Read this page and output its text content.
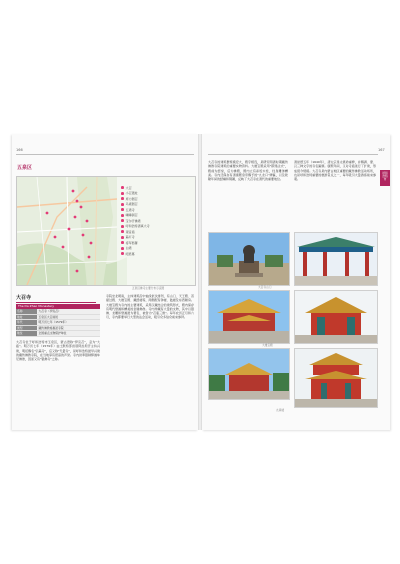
166
五泉区
大召
小召遗址
席力图召
乌素图召
五塔寺
喇嘛洞召
宝尔汗佛塔
呼和浩特清真大寺
观音庙
慈灯寺
将军衙署
白塔
昭君墓
五泉区佛寺主要分布示意图
大召寺
The Da Zhao Monastery
名称	大召寺（伊克召）
地址	玉泉区大召前街
年代	明万历七年（1579年）
类型	藏传佛教格鲁派寺院
地位	全国重点文物保护单位
大召寺位于呼和浩特市玉泉区，蒙古语称"伊克召"，意为"大庙"。明万历七年（1579年）由土默特部首领阿拉坦汗主持兴建，明廷赐名"弘慈寺"，后又称"无量寺"，是呼和浩特最早兴建的藏传佛教寺院，在当地享有很高的声誉。寺内供奉银制释迦牟尼佛像，因而又有"银佛寺"之称。
寺院坐北朝南，主体建筑沿中轴线依次排列，有山门、天王殿、菩提过殿、大雄宝殿、藏经楼等，两侧配有钟楼、鼓楼及东西厢房。大雄宝殿为寺内的主要建筑，采用汉藏结合的建筑形式，殿内保存有明代壁画和精美的金属佛像。寺内珍藏有大量的文物，其中以银佛、龙雕和壁画最为著名，被誉为"召庙三绝"。每年农历正月和六月，寺内都要举行大型的法会活动，吸引众多信众前来参拜。
167
呼和浩特市
大召寺的建筑群规模宏大，殿宇相连，是研究明清时期藏传佛教寺院建筑的重要实物资料。大雄宝殿采用"都纲法式"，殿前为经堂，后为佛殿，殿内立有彩绘木柱，柱身雕饰精美。寺内还保存有清康熙皇帝赐予的"九龙口"牌匾，以及乾隆年间的经幢和铜狮，反映了大召寺在清代的重要地位。
清崇德五年（1640年），清太宗皇太极命重修，并赐满、蒙、汉三种文字的寺名匾额。康熙年间，又对寺庙进行了扩建，形成现今规模。大召寺是内蒙古地区重要的藏传佛教活动场所，也是呼和浩特重要的旅游景点之一，每年吸引大量游客前来参观。
大召寺山门
大雄宝殿
九间楼
